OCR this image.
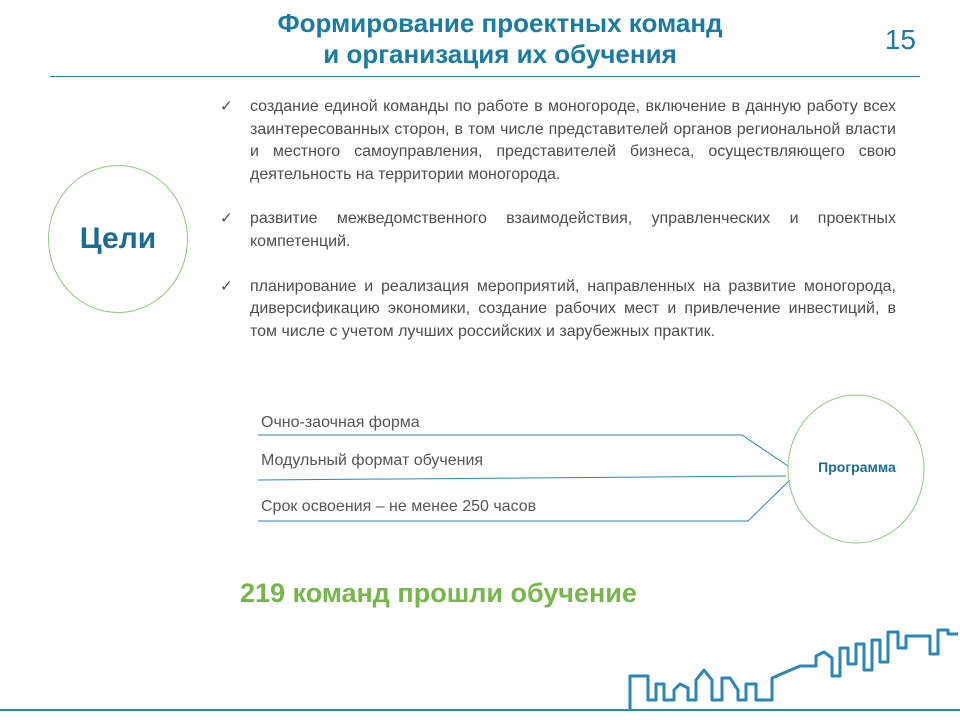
Формирование проектных команд
и организация их обучения	15
Цели
✓ создание единой команды по работе в моногороде, включение в данную работу всех заинтересованных сторон, в том числе представителей органов региональной власти и местного самоуправления, представителей бизнеса, осуществляющего свою деятельность на территории моногорода.
✓ развитие межведомственного взаимодействия, управленческих и проектных компетенций.
✓ планирование и реализация мероприятий, направленных на развитие моногорода, диверсификацию экономики, создание рабочих мест и привлечение инвестиций, в том числе с учетом лучших российских и зарубежных практик.
Очно-заочная форма
Модульный формат обучения
Срок освоения – не менее 250 часов
Программа
219 команд прошли обучение
